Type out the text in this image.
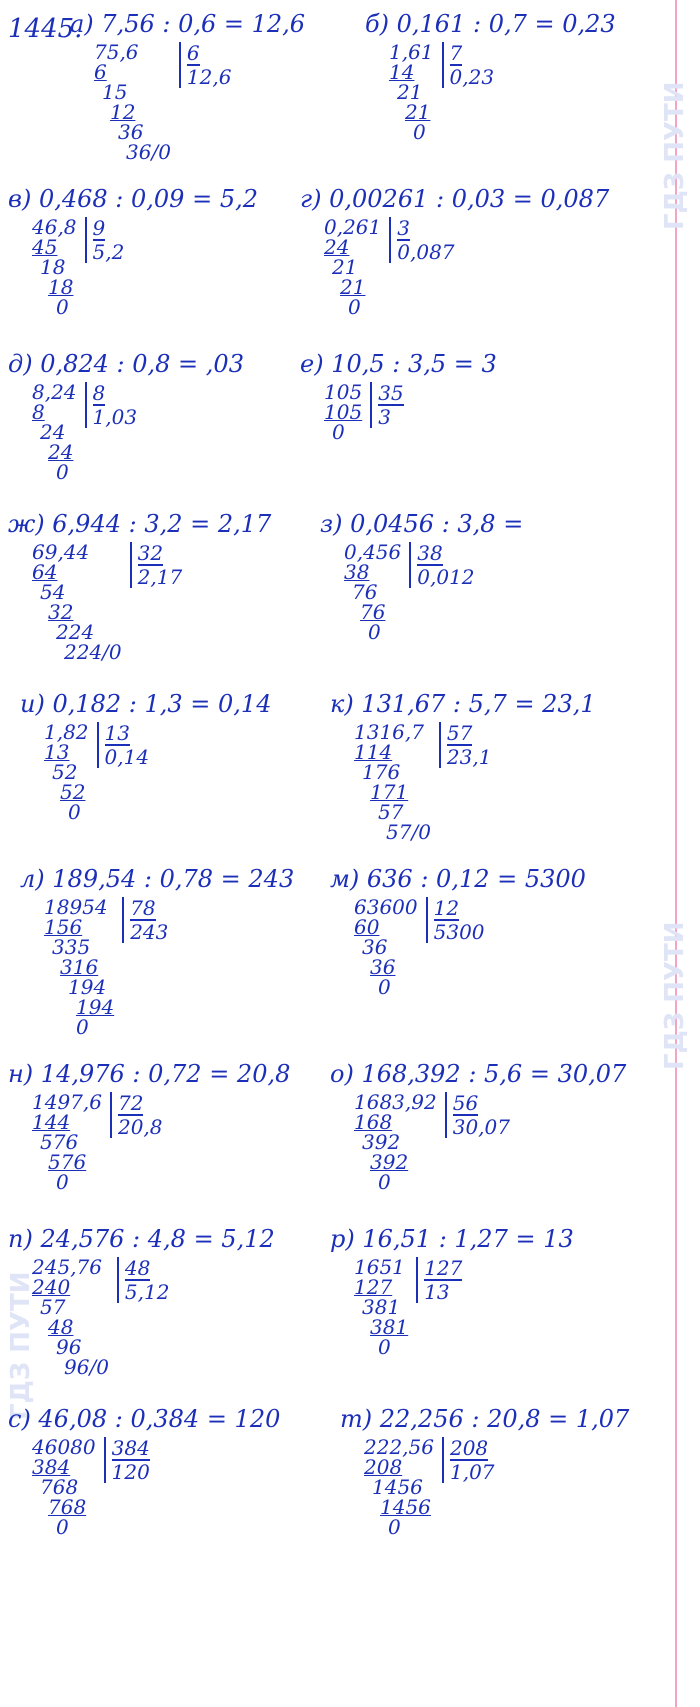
ГДЗ ПУТИ
ГДЗ ПУТИ
ГДЗ ПУТИ
1445.
а) 7,56 : 0,6 = 12,6
75,6
6
15
12
36
36/0
6
12,6
б) 0,161 : 0,7 = 0,23
1,61
14
21
21
0
7
0,23
в) 0,468 : 0,09 = 5,2
46,8
45
18
18
0
9
5,2
г) 0,00261 : 0,03 = 0,087
0,261
24
21
21
0
3
0,087
д) 0,824 : 0,8 = ,03
8,24
8
24
24
0
8
1,03
е) 10,5 : 3,5 = 3
105
105
0
35
3
ж) 6,944 : 3,2 = 2,17
69,44
64
54
32
224
224/0
32
2,17
з) 0,0456 : 3,8 =
0,456
38
76
76
0
38
0,012
и) 0,182 : 1,3 = 0,14
1,82
13
52
52
0
13
0,14
к) 131,67 : 5,7 = 23,1
1316,7
114
176
171
57
57/0
57
23,1
л) 189,54 : 0,78 = 243
18954
156
335
316
194
194
0
78
243
м) 636 : 0,12 = 5300
63600
60
36
36
0
12
5300
н) 14,976 : 0,72 = 20,8
1497,6
144
576
576
0
72
20,8
о) 168,392 : 5,6 = 30,07
1683,92
168
392
392
0
56
30,07
п) 24,576 : 4,8 = 5,12
245,76
240
57
48
96
96/0
48
5,12
р) 16,51 : 1,27 = 13
1651
127
381
381
0
127
13
с) 46,08 : 0,384 = 120
46080
384
768
768
0
384
120
т) 22,256 : 20,8 = 1,07
222,56
208
1456
1456
0
208
1,07
